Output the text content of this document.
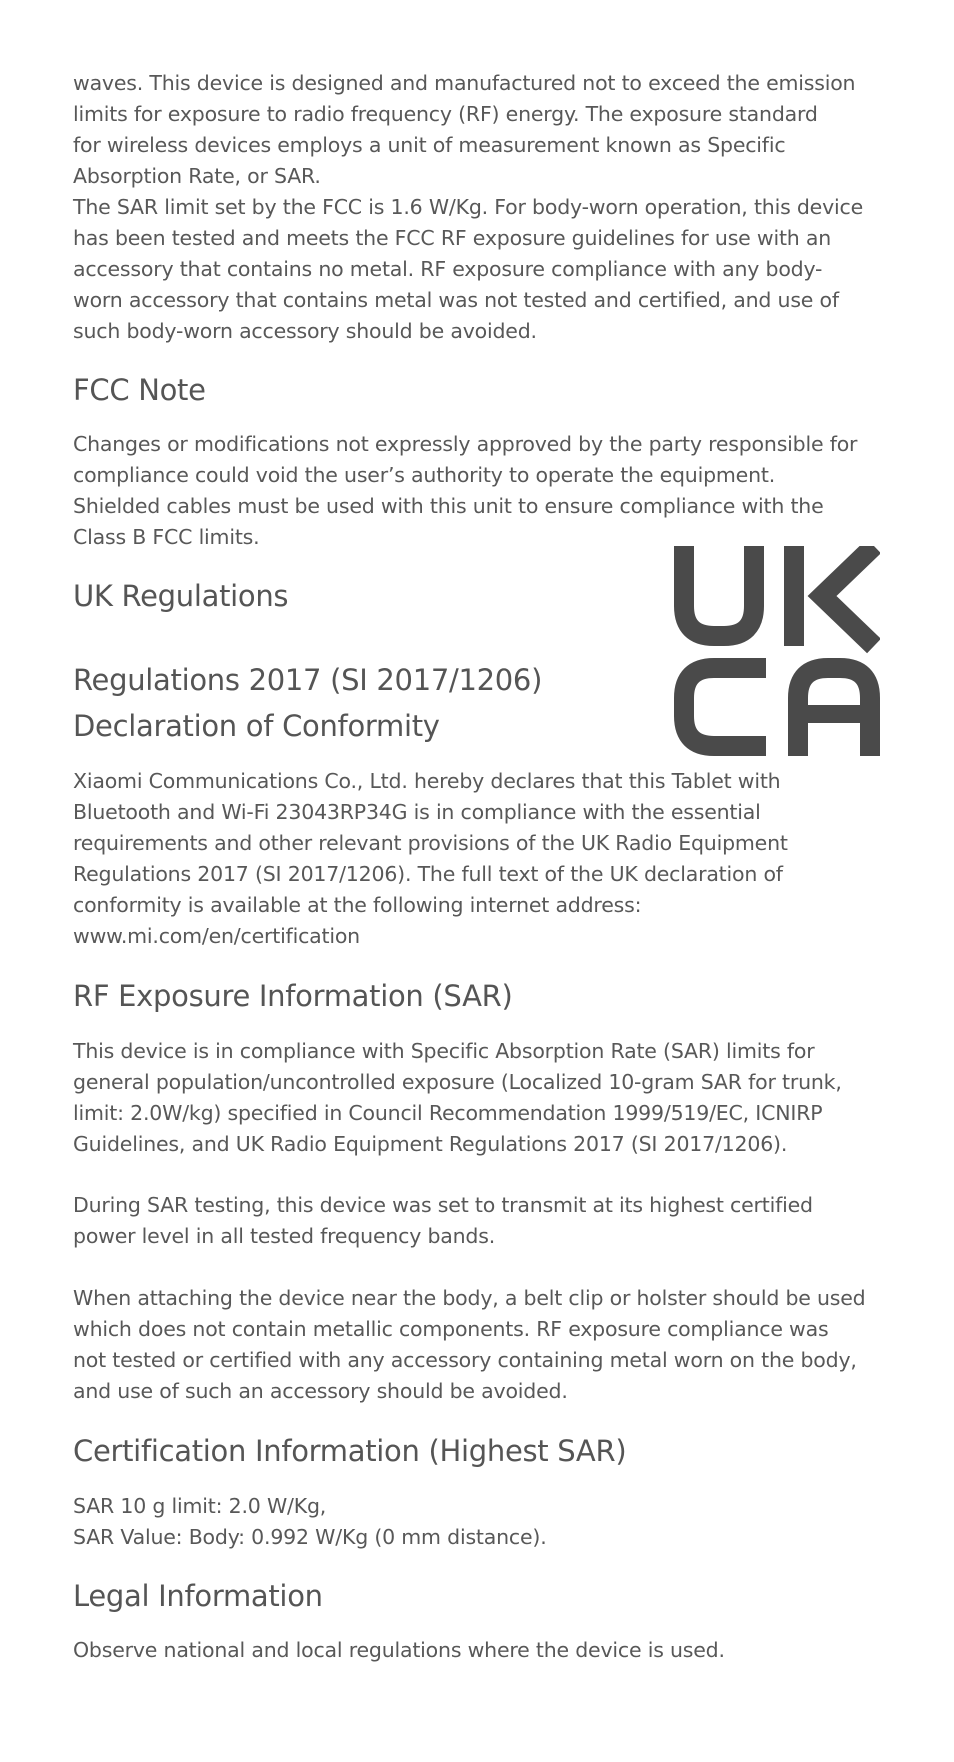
waves. This device is designed and manufactured not to exceed the emission
limits for exposure to radio frequency (RF) energy. The exposure standard
for wireless devices employs a unit of measurement known as Specific
Absorption Rate, or SAR.

The SAR limit set by the FCC is 1.6 W/Kg. For body-worn operation, this device
has been tested and meets the FCC RF exposure guidelines for use with an
accessory that contains no metal. RF exposure compliance with any body-
worn accessory that contains metal was not tested and certified, and use of
such body-worn accessory should be avoided.

FCC Note

Changes or modifications not expressly approved by the party responsible for
compliance could void the user’s authority to operate the equipment.
Shielded cables must be used with this unit to ensure compliance with the
Class B FCC limits.

UK Regulations
Regulations 2017 (SI 2017/1206)
Declaration of Conformity

Xiaomi Communications Co., Ltd. hereby declares that this Tablet with
Bluetooth and Wi-Fi 23043RP34G is in compliance with the essential
requirements and other relevant provisions of the UK Radio Equipment
Regulations 2017 (SI 2017/1206). The full text of the UK declaration of
conformity is available at the following internet address:
www.mi.com/en/certification

RF Exposure Information (SAR)

This device is in compliance with Specific Absorption Rate (SAR) limits for
general population/uncontrolled exposure (Localized 10-gram SAR for trunk,
limit: 2.0W/kg) specified in Council Recommendation 1999/519/EC, ICNIRP
Guidelines, and UK Radio Equipment Regulations 2017 (SI 2017/1206).

During SAR testing, this device was set to transmit at its highest certified
power level in all tested frequency bands.

When attaching the device near the body, a belt clip or holster should be used
which does not contain metallic components. RF exposure compliance was
not tested or certified with any accessory containing metal worn on the body,
and use of such an accessory should be avoided.

Certification Information (Highest SAR)

SAR 10 g limit: 2.0 W/Kg,
SAR Value: Body: 0.992 W/Kg (0 mm distance).

Legal Information

Observe national and local regulations where the device is used.
